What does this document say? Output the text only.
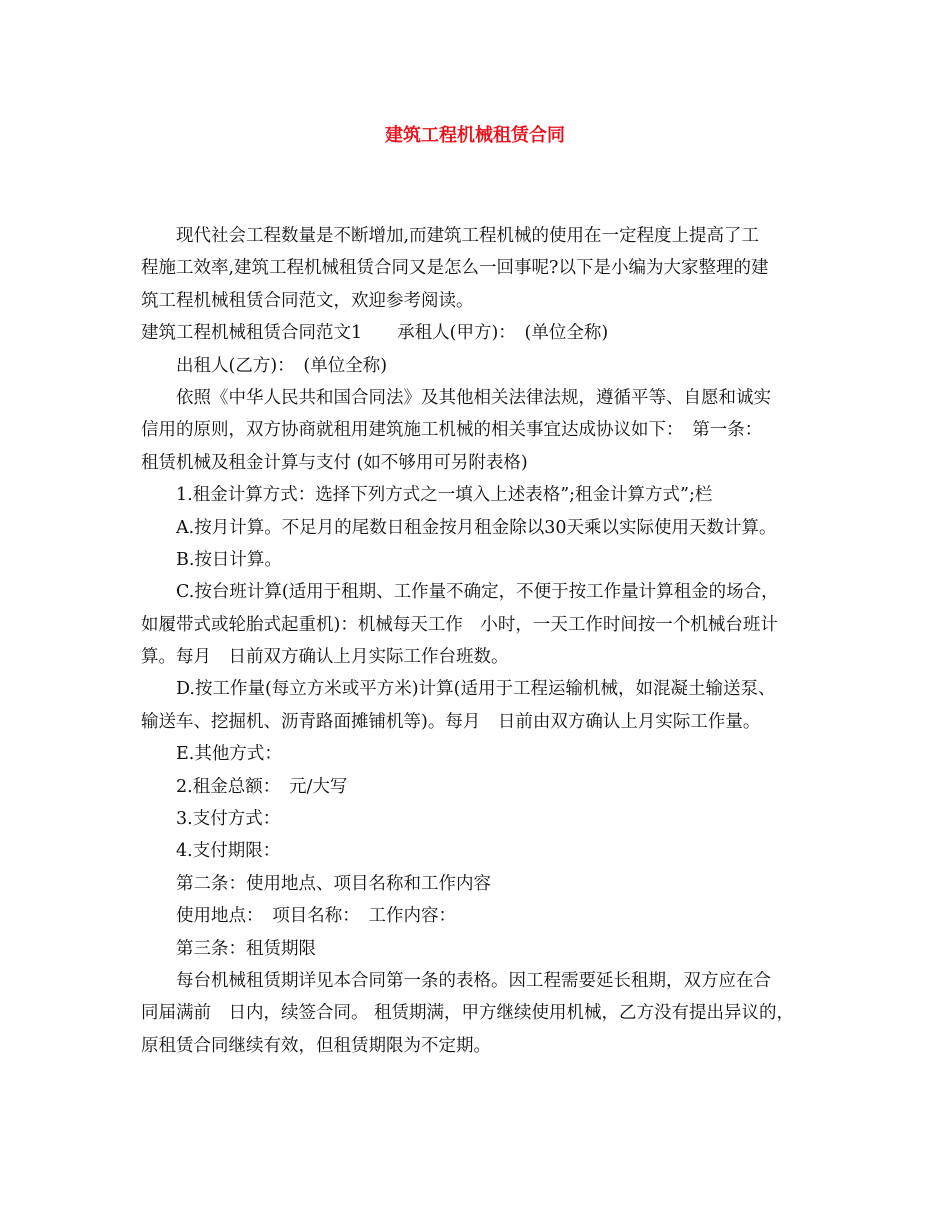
建筑工程机械租赁合同
现代社会工程数量是不断增加,而建筑工程机械的使用在一定程度上提高了工
程施工效率,建筑工程机械租赁合同又是怎么一回事呢?以下是小编为大家整理的建
筑工程机械租赁合同范文，欢迎参考阅读。
建筑工程机械租赁合同范文1　　承租人(甲方)：　(单位全称)
出租人(乙方)：　(单位全称)
依照《中华人民共和国合同法》及其他相关法律法规，遵循平等、自愿和诚实
信用的原则，双方协商就租用建筑施工机械的相关事宜达成协议如下：　第一条：
租赁机械及租金计算与支付 (如不够用可另附表格)
1.租金计算方式：选择下列方式之一填入上述表格”;租金计算方式”;栏
A.按月计算。不足月的尾数日租金按月租金除以30天乘以实际使用天数计算。
B.按日计算。
C.按台班计算(适用于租期、工作量不确定，不便于按工作量计算租金的场合，
如履带式或轮胎式起重机)：机械每天工作　小时，一天工作时间按一个机械台班计
算。每月　日前双方确认上月实际工作台班数。
D.按工作量(每立方米或平方米)计算(适用于工程运输机械，如混凝土输送泵、
输送车、挖掘机、沥青路面摊铺机等)。每月　日前由双方确认上月实际工作量。
E.其他方式：
2.租金总额：　元/大写
3.支付方式：
4.支付期限：
第二条：使用地点、项目名称和工作内容
使用地点：　项目名称：　工作内容：
第三条：租赁期限
每台机械租赁期详见本合同第一条的表格。因工程需要延长租期，双方应在合
同届满前　日内，续签合同。 租赁期满，甲方继续使用机械，乙方没有提出异议的，
原租赁合同继续有效，但租赁期限为不定期。
